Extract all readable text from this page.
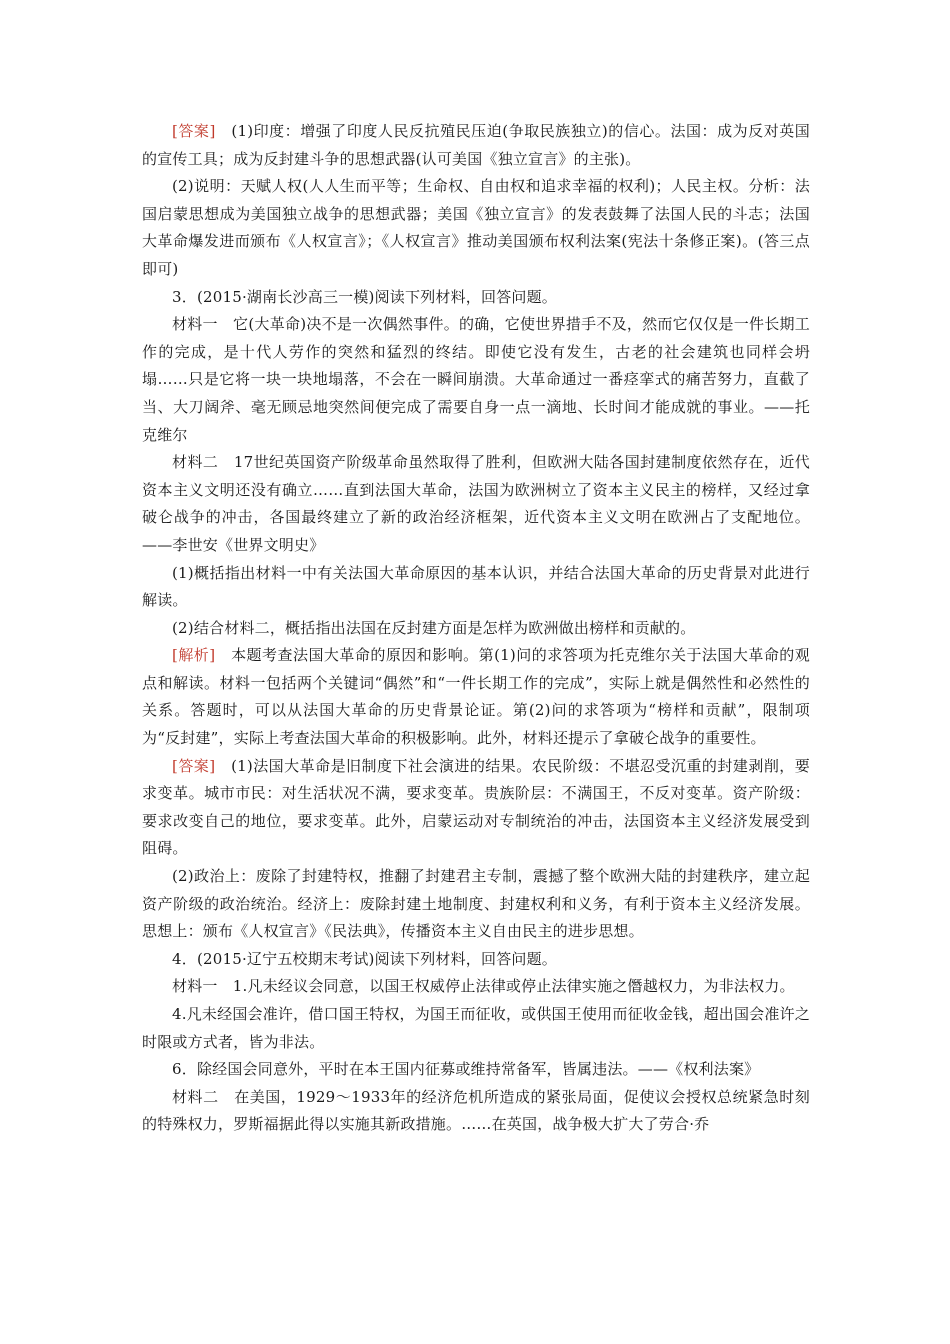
[答案]　(1)印度：增强了印度人民反抗殖民压迫(争取民族独立)的信心。法国：成为反对英国的宣传工具；成为反封建斗争的思想武器(认可美国《独立宣言》的主张)。

(2)说明：天赋人权(人人生而平等；生命权、自由权和追求幸福的权利)；人民主权。分析：法国启蒙思想成为美国独立战争的思想武器；美国《独立宣言》的发表鼓舞了法国人民的斗志；法国大革命爆发进而颁布《人权宣言》；《人权宣言》推动美国颁布权利法案(宪法十条修正案)。(答三点即可)

3．(2015·湖南长沙高三一模)阅读下列材料，回答问题。

材料一　它(大革命)决不是一次偶然事件。的确，它使世界措手不及，然而它仅仅是一件长期工作的完成，是十代人劳作的突然和猛烈的终结。即使它没有发生，古老的社会建筑也同样会坍塌……只是它将一块一块地塌落，不会在一瞬间崩溃。大革命通过一番痉挛式的痛苦努力，直截了当、大刀阔斧、毫无顾忌地突然间便完成了需要自身一点一滴地、长时间才能成就的事业。——托克维尔

材料二　17世纪英国资产阶级革命虽然取得了胜利，但欧洲大陆各国封建制度依然存在，近代资本主义文明还没有确立……直到法国大革命，法国为欧洲树立了资本主义民主的榜样，又经过拿破仑战争的冲击，各国最终建立了新的政治经济框架，近代资本主义文明在欧洲占了支配地位。——李世安《世界文明史》

(1)概括指出材料一中有关法国大革命原因的基本认识，并结合法国大革命的历史背景对此进行解读。

(2)结合材料二，概括指出法国在反封建方面是怎样为欧洲做出榜样和贡献的。

[解析]　本题考查法国大革命的原因和影响。第(1)问的求答项为托克维尔关于法国大革命的观点和解读。材料一包括两个关键词“偶然”和“一件长期工作的完成”，实际上就是偶然性和必然性的关系。答题时，可以从法国大革命的历史背景论证。第(2)问的求答项为“榜样和贡献”，限制项为“反封建”，实际上考查法国大革命的积极影响。此外，材料还提示了拿破仑战争的重要性。

[答案]　(1)法国大革命是旧制度下社会演进的结果。农民阶级：不堪忍受沉重的封建剥削，要求变革。城市市民：对生活状况不满，要求变革。贵族阶层：不满国王，不反对变革。资产阶级：要求改变自己的地位，要求变革。此外，启蒙运动对专制统治的冲击，法国资本主义经济发展受到阻碍。

(2)政治上：废除了封建特权，推翻了封建君主专制，震撼了整个欧洲大陆的封建秩序，建立起资产阶级的政治统治。经济上：废除封建土地制度、封建权利和义务，有利于资本主义经济发展。思想上：颁布《人权宣言》《民法典》，传播资本主义自由民主的进步思想。

4．(2015·辽宁五校期末考试)阅读下列材料，回答问题。

材料一　1.凡未经议会同意，以国王权威停止法律或停止法律实施之僭越权力，为非法权力。

4.凡未经国会准许，借口国王特权，为国王而征收，或供国王使用而征收金钱，超出国会准许之时限或方式者，皆为非法。

6．除经国会同意外，平时在本王国内征募或维持常备军，皆属违法。——《权利法案》

材料二　在美国，1929～1933年的经济危机所造成的紧张局面，促使议会授权总统紧急时刻的特殊权力，罗斯福据此得以实施其新政措施。……在英国，战争极大扩大了劳合·乔
